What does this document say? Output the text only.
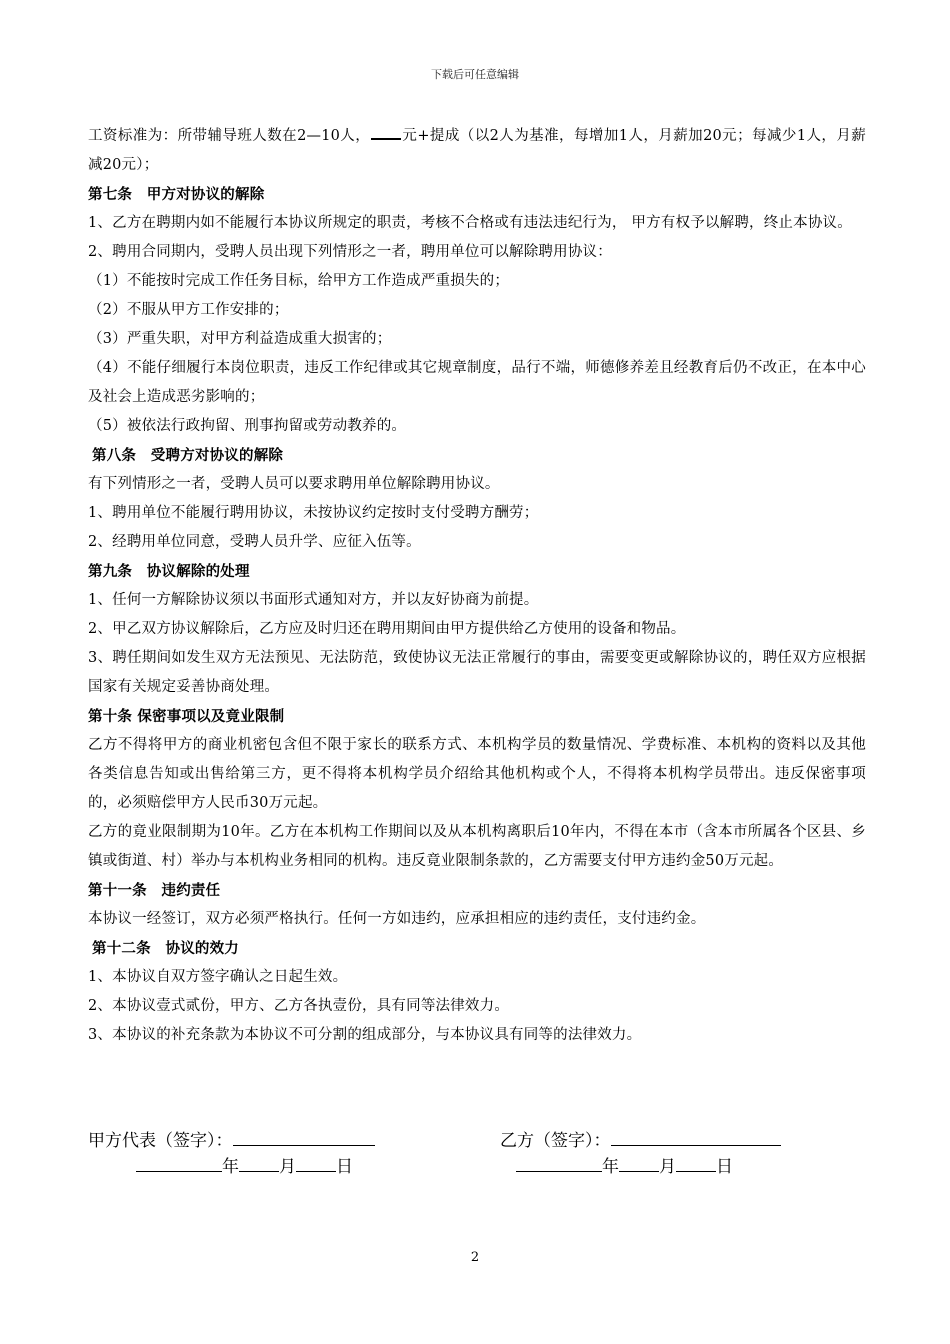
下载后可任意编辑

工资标准为：所带辅导班人数在2—10人， 元+提成（以2人为基准，每增加1人，月薪加20元；每减少1人，月薪减20元）；

第七条　甲方对协议的解除

1、乙方在聘期内如不能履行本协议所规定的职责，考核不合格或有违法违纪行为， 甲方有权予以解聘，终止本协议。

2、聘用合同期内，受聘人员出现下列情形之一者，聘用单位可以解除聘用协议：

（1）不能按时完成工作任务目标，给甲方工作造成严重损失的；

（2）不服从甲方工作安排的；

（3）严重失职，对甲方利益造成重大损害的；

（4）不能仔细履行本岗位职责，违反工作纪律或其它规章制度，品行不端，师德修养差且经教育后仍不改正，在本中心及社会上造成恶劣影响的；

（5）被依法行政拘留、刑事拘留或劳动教养的。

第八条　受聘方对协议的解除

有下列情形之一者，受聘人员可以要求聘用单位解除聘用协议。

1、聘用单位不能履行聘用协议，未按协议约定按时支付受聘方酬劳；

2、经聘用单位同意，受聘人员升学、应征入伍等。

第九条　协议解除的处理

1、任何一方解除协议须以书面形式通知对方，并以友好协商为前提。

2、甲乙双方协议解除后，乙方应及时归还在聘用期间由甲方提供给乙方使用的设备和物品。

3、聘任期间如发生双方无法预见、无法防范，致使协议无法正常履行的事由，需要变更或解除协议的，聘任双方应根据国家有关规定妥善协商处理。

第十条 保密事项以及竟业限制

乙方不得将甲方的商业机密包含但不限于家长的联系方式、本机构学员的数量情况、学费标准、本机构的资料以及其他各类信息告知或出售给第三方，更不得将本机构学员介绍给其他机构或个人，不得将本机构学员带出。违反保密事项的，必须赔偿甲方人民币30万元起。

乙方的竟业限制期为10年。乙方在本机构工作期间以及从本机构离职后10年内，不得在本市（含本市所属各个区县、乡镇或街道、村）举办与本机构业务相同的机构。违反竟业限制条款的，乙方需要支付甲方违约金50万元起。

第十一条　违约责任

本协议一经签订，双方必须严格执行。任何一方如违约，应承担相应的违约责任，支付违约金。

第十二条　协议的效力

1、本协议自双方签字确认之日起生效。

2、本协议壹式贰份，甲方、乙方各执壹份，具有同等法律效力。

3、本协议的补充条款为本协议不可分割的组成部分，与本协议具有同等的法律效力。

甲方代表（签字）：	乙方（签字）：
年 月 日	年 月 日
2
